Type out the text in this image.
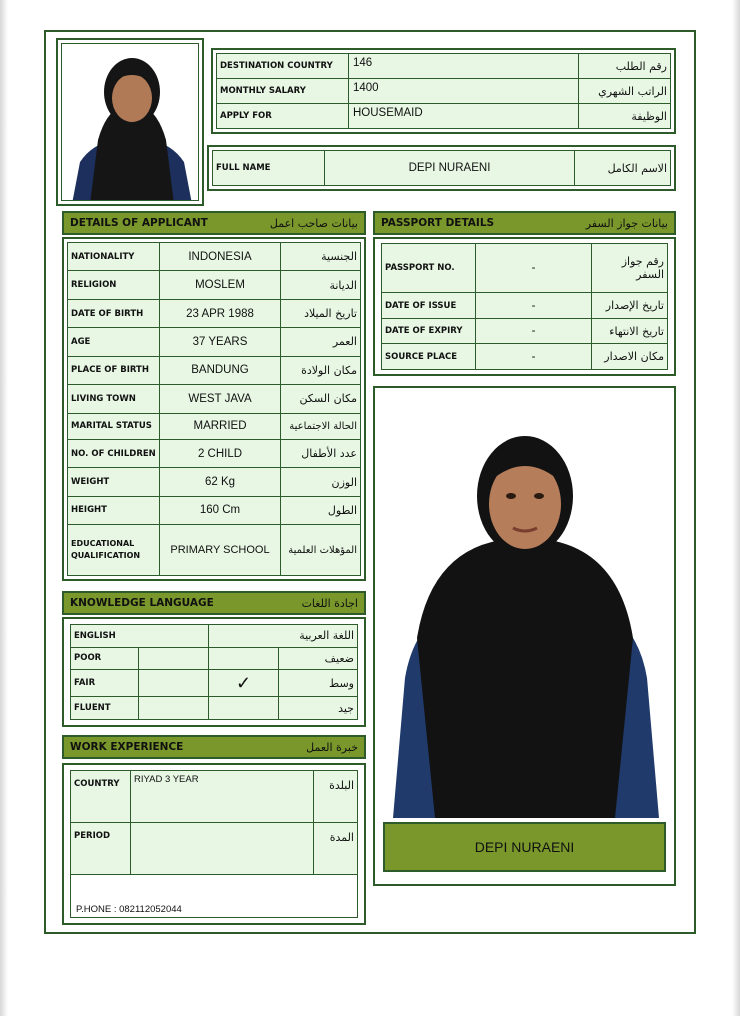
DESTINATION COUNTRY	146	رقم الطلب
MONTHLY SALARY	1400	الراتب الشهري
APPLY FOR	HOUSEMAID	الوظيفة
FULL NAME	DEPI NURAENI	الاسم الكامل
DETAILS OF APPLICANT	بيانات صاحب اعمل
NATIONALITY	INDONESIA	الجنسية
RELIGION	MOSLEM	الديانة
DATE OF BIRTH	23 APR 1988	تاريخ الميلاد
AGE	37 YEARS	العمر
PLACE OF BIRTH	BANDUNG	مكان الولادة
LIVING TOWN	WEST JAVA	مكان السكن
MARITAL STATUS	MARRIED	الحالة الاجتماعية
NO. OF CHILDREN	2 CHILD	عدد الأطفال
WEIGHT	62 Kg	الوزن
HEIGHT	160 Cm	الطول
EDUCATIONAL QUALIFICATION	PRIMARY SCHOOL	المؤهلات العلمية
PASSPORT DETAILS	بيانات جواز السفر
PASSPORT NO.	-	رقم جواز السفر
DATE OF ISSUE	-	تاريخ الإصدار
DATE OF EXPIRY	-	تاريخ الانتهاء
SOURCE PLACE	-	مكان الاصدار
DEPI NURAENI
KNOWLEDGE LANGUAGE	اجادة اللغات
ENGLISH		اللغة العربية	
POOR			ضعيف
FAIR		✓	وسط
FLUENT			جيد
WORK EXPERIENCE	خبرة العمل
COUNTRY	RIYAD 3 YEAR	البلدة
PERIOD		المدة

P.HONE : 082112052044
